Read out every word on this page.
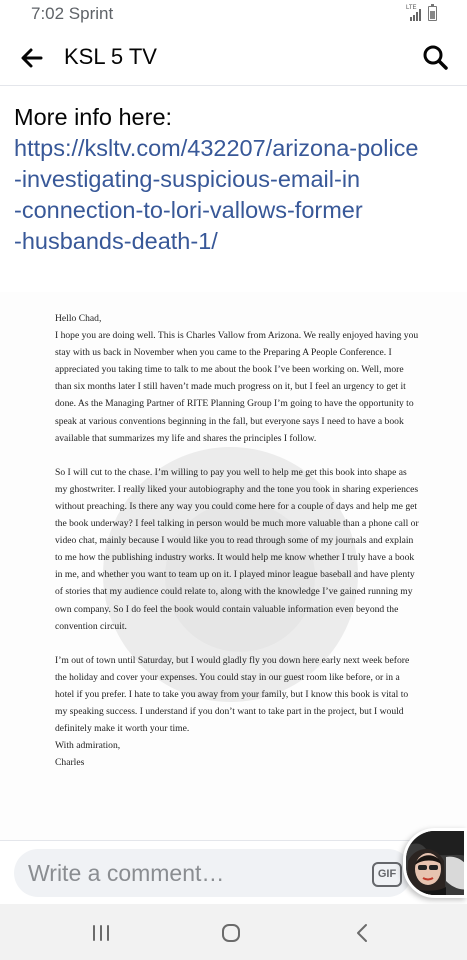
7:02 Sprint	LTE
KSL 5 TV
More info here:
https://ksltv.com/432207/arizona-police
-investigating-suspicious-email-in
-connection-to-lori-vallows-former
-husbands-death-1/

Hello Chad,

I hope you are doing well. This is Charles Vallow from Arizona. We really enjoyed having you stay with us back in November when you came to the Preparing A People Conference. I appreciated you taking time to talk to me about the book I’ve been working on. Well, more than six months later I still haven’t made much progress on it, but I feel an urgency to get it done. As the Managing Partner of RITE Planning Group I’m going to have the opportunity to speak at various conventions beginning in the fall, but everyone says I need to have a book available that summarizes my life and shares the principles I follow.

So I will cut to the chase. I’m willing to pay you well to help me get this book into shape as my ghostwriter. I really liked your autobiography and the tone you took in sharing experiences without preaching. Is there any way you could come here for a couple of days and help me get the book underway? I feel talking in person would be much more valuable than a phone call or video chat, mainly because I would like you to read through some of my journals and explain to me how the publishing industry works. It would help me know whether I truly have a book in me, and whether you want to team up on it. I played minor league baseball and have plenty of stories that my audience could relate to, along with the knowledge I’ve gained running my own company. So I do feel the book would contain valuable information even beyond the convention circuit.

I’m out of town until Saturday, but I would gladly fly you down here early next week before the holiday and cover your expenses. You could stay in our guest room like before, or in a hotel if you prefer. I hate to take you away from your family, but I know this book is vital to my speaking success. I understand if you don’t want to take part in the project, but I would definitely make it worth your time.

With admiration,

Charles

Write a comment…	GIF
